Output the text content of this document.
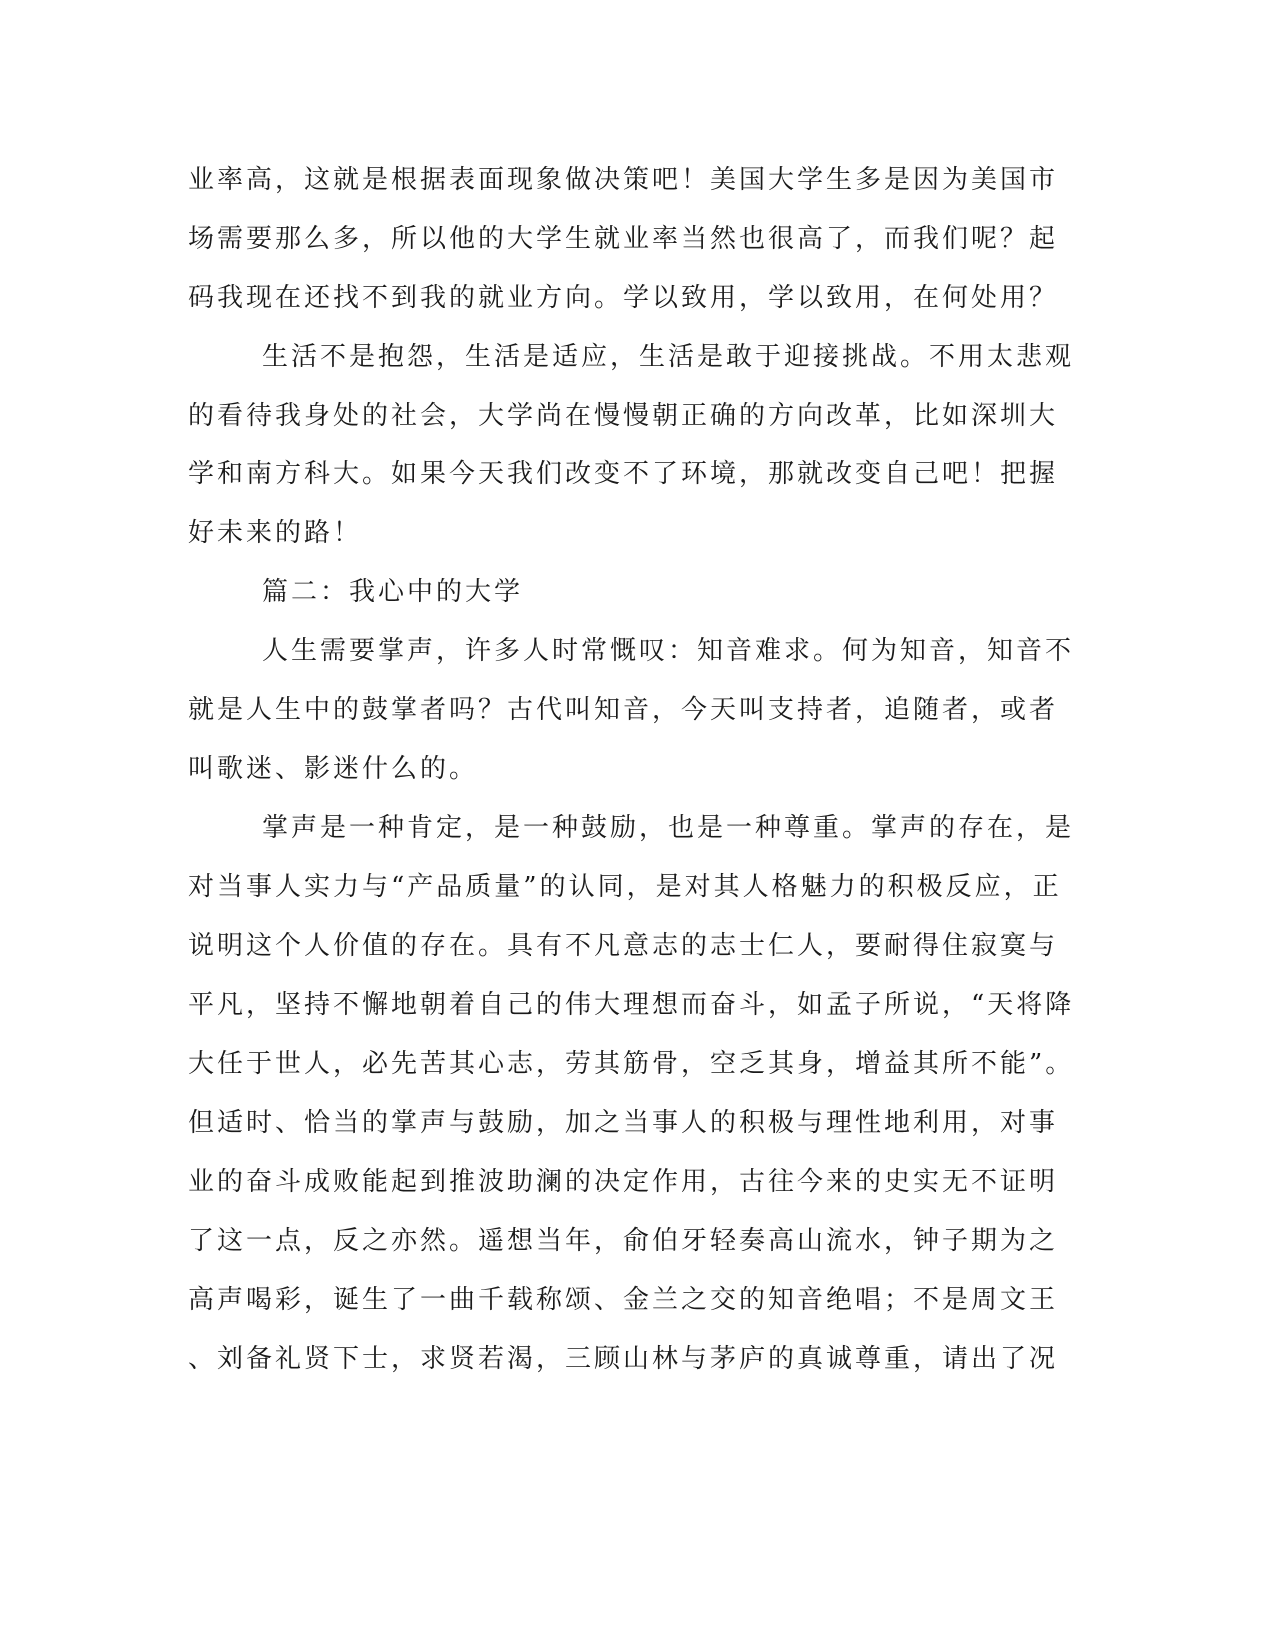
业率高，这就是根据表面现象做决策吧！美国大学生多是因为美国市
场需要那么多，所以他的大学生就业率当然也很高了，而我们呢？起
码我现在还找不到我的就业方向。学以致用，学以致用，在何处用？
生活不是抱怨，生活是适应，生活是敢于迎接挑战。不用太悲观
的看待我身处的社会，大学尚在慢慢朝正确的方向改革，比如深圳大
学和南方科大。如果今天我们改变不了环境，那就改变自己吧！把握
好未来的路！
篇二：我心中的大学
人生需要掌声，许多人时常慨叹：知音难求。何为知音，知音不
就是人生中的鼓掌者吗？古代叫知音，今天叫支持者，追随者，或者
叫歌迷、影迷什么的。
掌声是一种肯定，是一种鼓励，也是一种尊重。掌声的存在，是
对当事人实力与“产品质量”的认同，是对其人格魅力的积极反应，正
说明这个人价值的存在。具有不凡意志的志士仁人，要耐得住寂寞与
平凡，坚持不懈地朝着自己的伟大理想而奋斗，如孟子所说，“天将降
大任于世人，必先苦其心志，劳其筋骨，空乏其身，增益其所不能”。
但适时、恰当的掌声与鼓励，加之当事人的积极与理性地利用，对事
业的奋斗成败能起到推波助澜的决定作用，古往今来的史实无不证明
了这一点，反之亦然。遥想当年，俞伯牙轻奏高山流水，钟子期为之
高声喝彩，诞生了一曲千载称颂、金兰之交的知音绝唱；不是周文王
、刘备礼贤下士，求贤若渴，三顾山林与茅庐的真诚尊重，请出了况
